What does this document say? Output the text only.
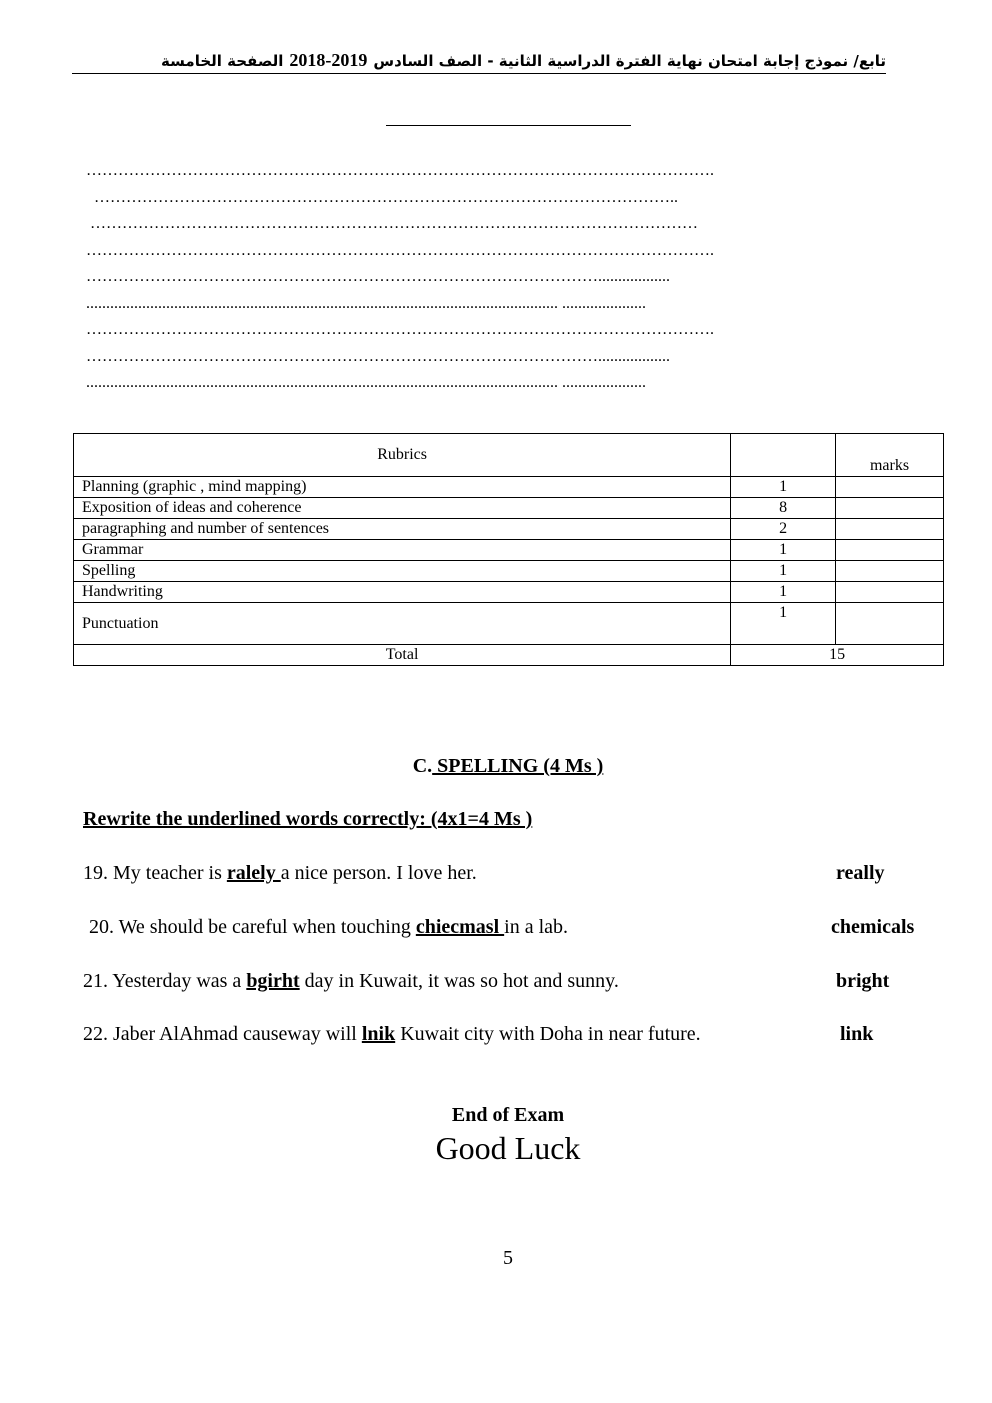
تابع/ نموذج إجابة امتحان نهاية الفترة الدراسية الثانية - الصف السادس2019-2018الصفحة الخامسة
……………………………………………………………………………………………………….
………………………………………………………………………………………………..
……………………………………………………………………………………………………
……………………………………………………………………………………………………….
……………………………………………………………………………………..................
...................................................................................................................... .....................
……………………………………………………………………………………………………….
……………………………………………………………………………………..................
...................................................................................................................... .....................
Rubrics		marks
Planning (graphic , mind mapping)	1	
Exposition of ideas and coherence	8	
paragraphing and number of sentences	2	
Grammar	1	
Spelling	1	
Handwriting	1	
Punctuation	1	
Total	15	
C. SPELLING (4 Ms )
Rewrite the underlined words correctly: (4x1=4 Ms )
19. My teacher is ralely a nice person. I love her.	really
20. We should be careful when touching chiecmasl in a lab.	chemicals
21. Yesterday was a bgirht day in Kuwait, it was so hot and sunny.	bright
22. Jaber AlAhmad causeway will lnik Kuwait city with Doha in near future.	link
End of Exam
Good Luck
5
